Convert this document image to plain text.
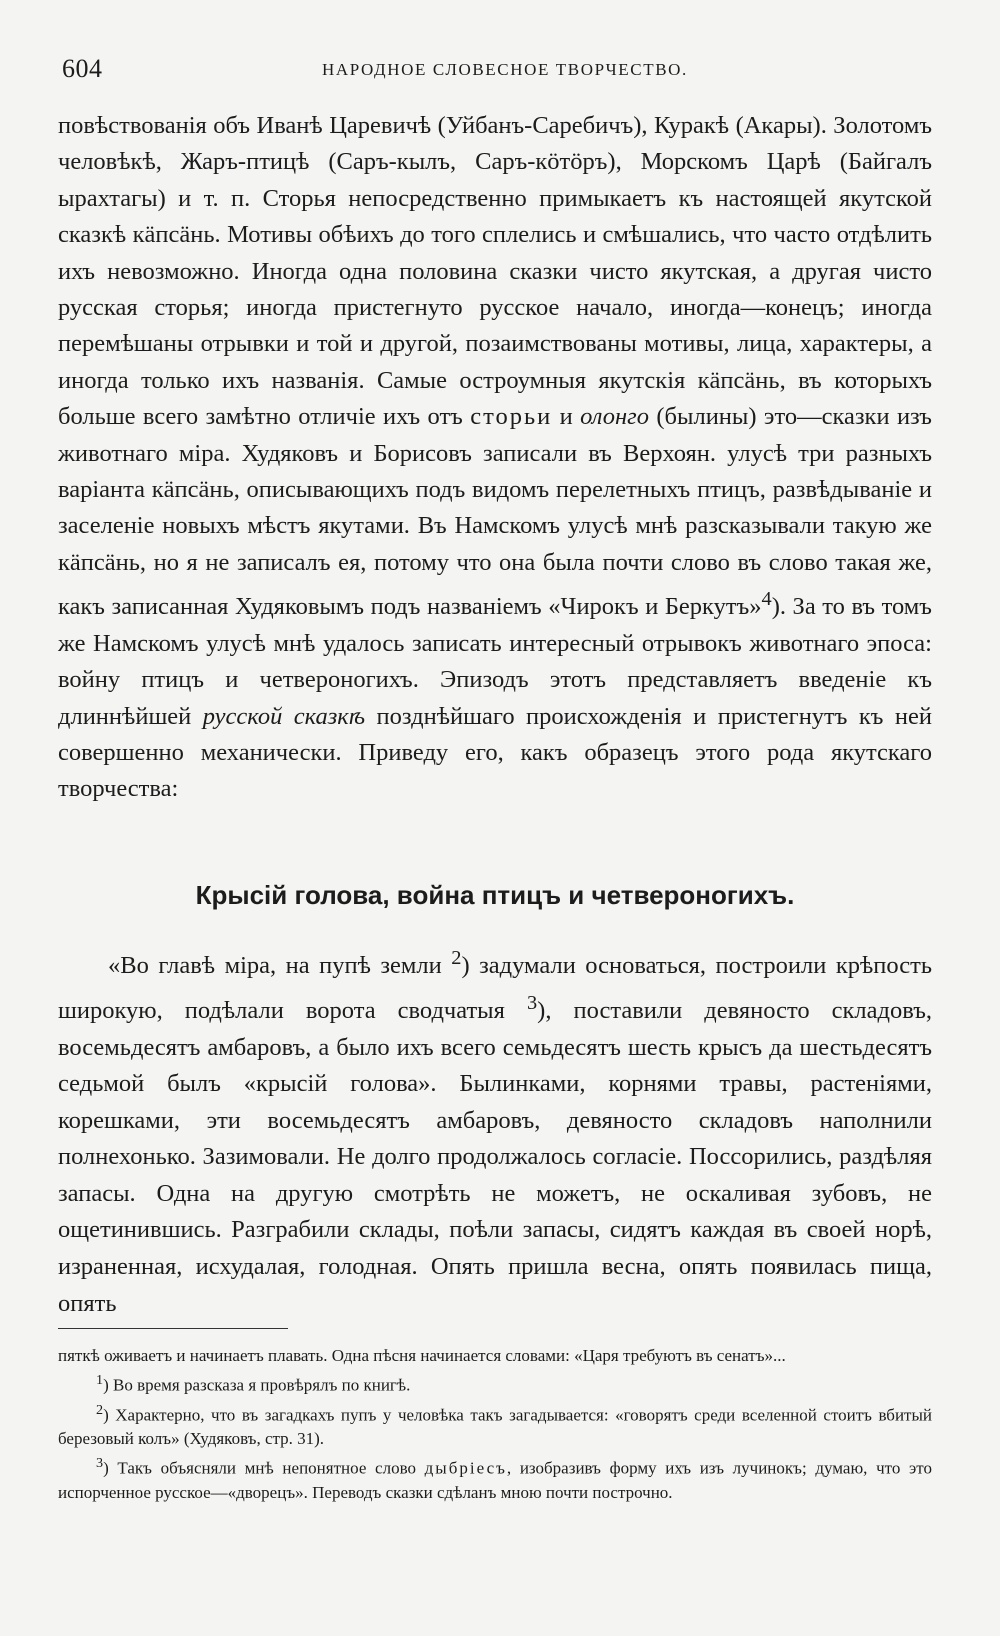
604	НАРОДНОЕ СЛОВЕСНОЕ ТВОРЧЕСТВО.

повѣствованія объ Иванѣ Царевичѣ (Уйбанъ-Саребичъ), Куракѣ (Акары). Золотомъ человѣкѣ, Жаръ-птицѣ (Саръ-кылъ, Саръ-кӧтӧръ), Морскомъ Царѣ (Байгалъ ырахтагы) и т. п. Сторья непосредственно примыкаетъ къ настоящей якутской сказкѣ кäпсäнь. Мотивы обѣихъ до того сплелись и смѣшались, что часто отдѣлить ихъ невозможно. Иногда одна половина сказки чисто якутская, а другая чисто русская сторья; иногда пристегнуто русское начало, иногда—конецъ; иногда перемѣшаны отрывки и той и другой, позаимствованы мотивы, лица, характеры, а иногда только ихъ названія. Самые остроумныя якутскія кäпсäнь, въ которыхъ больше всего замѣтно отличіе ихъ отъ сторьи и олонго (былины) это—сказки изъ животнаго міра. Худяковъ и Борисовъ записали въ Верхоян. улусѣ три разныхъ варіанта кäпсäнь, описывающихъ подъ видомъ перелетныхъ птицъ, развѣдываніе и заселеніе новыхъ мѣстъ якутами. Въ Намскомъ улусѣ мнѣ разсказывали такую же кäпсäнь, но я не записалъ ея, потому что она была почти слово въ слово такая же, какъ записанная Худяковымъ подъ названіемъ «Чирокъ и Беркутъ»$^4$). За то въ томъ же Намскомъ улусѣ мнѣ удалось записать интересный отрывокъ животнаго эпоса: войну птицъ и четвероногихъ. Эпизодъ этотъ представляетъ введеніе къ длиннѣйшей русской сказкѣ позднѣйшаго происхожденія и пристегнутъ къ ней совершенно механически. Приведу его, какъ образецъ этого рода якутскаго творчества:

Крысій голова, война птицъ и четвероногихъ.

«Во главѣ міра, на пупѣ земли $^2$) задумали основаться, построили крѣпость широкую, подѣлали ворота сводчатыя $^3$), поставили девяносто складовъ, восемьдесятъ амбаровъ, а было ихъ всего семьдесятъ шесть крысъ да шестьдесятъ седьмой былъ «крысій голова». Былинками, корнями травы, растеніями, корешками, эти восемьдесятъ амбаровъ, девяносто складовъ наполнили полнехонько. Зазимовали. Не долго продолжалось согласіе. Поссорились, раздѣляя запасы. Одна на другую смотрѣть не можетъ, не оскаливая зубовъ, не ощетинившись. Разграбили склады, поѣли запасы, сидятъ каждая въ своей норѣ, израненная, исхудалая, голодная. Опять пришла весна, опять появилась пища, опять

пяткѣ оживаетъ и начинаетъ плавать. Одна пѣсня начинается словами: «Царя требуютъ въ сенатъ»...

$^1$) Во время разсказа я провѣрялъ по книгѣ.

$^2$) Характерно, что въ загадкахъ пупъ у человѣка такъ загадывается: «говорятъ среди вселенной стоитъ вбитый березовый колъ» (Худяковъ, стр. 31).

$^3$) Такъ объясняли мнѣ непонятное слово дыбріесъ, изобразивъ форму ихъ изъ лучинокъ; думаю, что это испорченное русское—«дворецъ». Переводъ сказки сдѣланъ мною почти построчно.
